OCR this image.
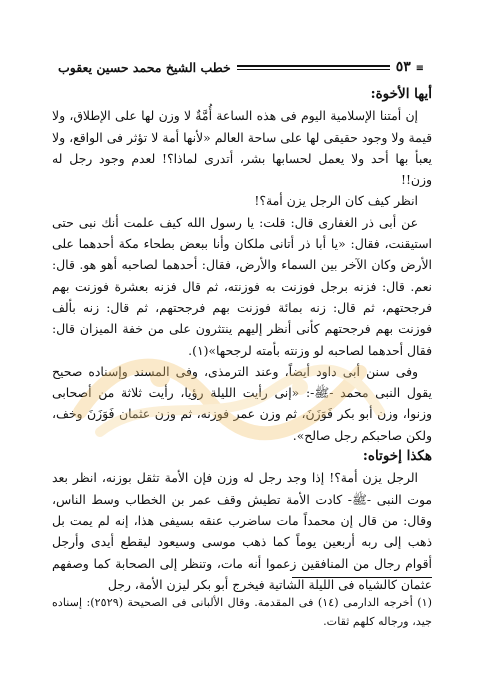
≡ ٥٣
خطب الشيخ محمد حسين يعقوب

أيها الأخوة:

إن أمتنا الإسلامية اليوم فى هذه الساعة أُمَّةٌ لا وزن لها على الإطلاق، ولا قيمة ولا وجود حقيقى لها على ساحة العالم «لأنها أمة لا تؤثر فى الواقع، ولا يعبأ بها أحد ولا يعمل لحسابها بشر، أتدرى لماذا؟! لعدم وجود رجل له وزن!!

انظر كيف كان الرجل يزن أمة؟!

عن أبى ذر الغفارى قال: قلت: يا رسول الله كيف علمت أنك نبى حتى استيقنت، فقال: «يا أبا ذر أتانى ملكان وأنا ببعض بطحاء مكة أحدهما على الأرض وكان الآخر بين السماء والأرض، فقال: أحدهما لصاحبه أهو هو. قال: نعم. قال: فزنه برجل فوزنت به فوزنته، ثم قال فزنه بعشرة فوزنت بهم فرجحتهم، ثم قال: زنه بمائة فوزنت بهم فرجحتهم، ثم قال: زنه بألف فوزنت بهم فرجحتهم كأنى أنظر إليهم ينتثرون على من خفة الميزان قال: فقال أحدهما لصاحبه لو وزنته بأمته لرجحها»(١).

وفى سنن أبى داود أيضاً، وعند الترمذى، وفى المسند وإسناده صحيح يقول النبى محمد -ﷺ-: «إنى رأيت الليلة رؤيا، رأيت ثلاثة من أصحابى وزنوا، وزن أبو بكر فَوَزَنَ، ثم وزن عمر فوزنه، ثم وزن عثمان فَوَزَنَ وخف، ولكن صاحبكم رجل صالح».

هكذا إخوتاه:

الرجل يزن أمة؟! إذا وجد رجل له وزن فإن الأمة تثقل بوزنه، انظر بعد موت النبى -ﷺ- كادت الأمة تطيش وقف عمر بن الخطاب وسط الناس، وقال: من قال إن محمداً مات ساضرب عنقه بسيفى هذا، إنه لم يمت بل ذهب إلى ربه أربعين يوماً كما ذهب موسى وسيعود ليقطع أيدى وأرجل أقوام رجال من المنافقين زعموا أنه مات، وتنظر إلى الصحابة كما وصفهم عثمان كالشياه فى الليلة الشاتية فيخرج أبو بكر ليزن الأمة، رجل

(١) أخرجه الدارمى (١٤) فى المقدمة. وقال الألبانى فى الصحيحة (٢٥٢٩): إسناده جيد، ورجاله كلهم ثقات.
